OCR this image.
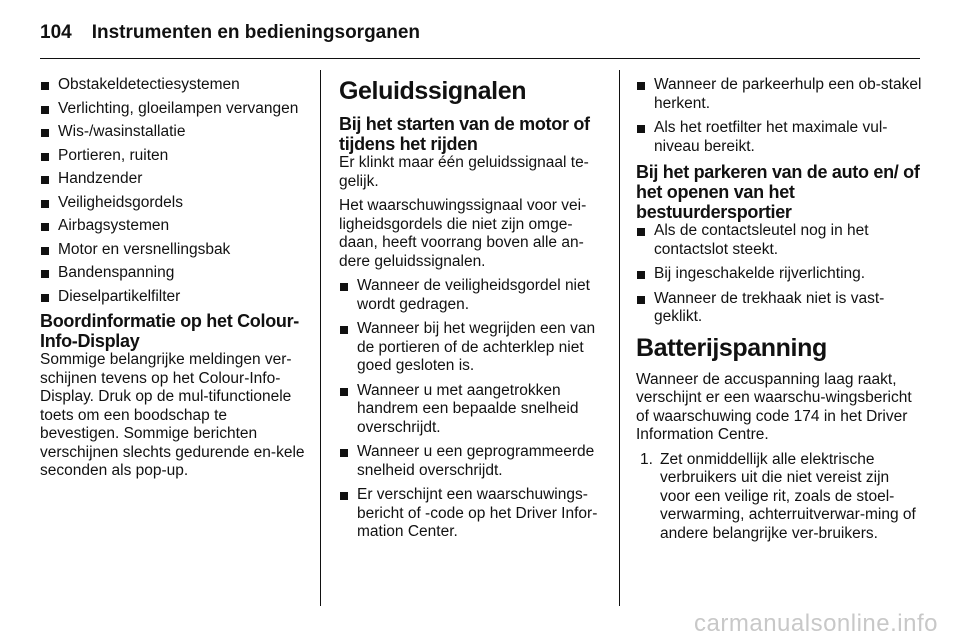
104 Instrumenten en bedieningsorganen
Obstakeldetectiesystemen
Verlichting, gloeilampen vervangen
Wis-/wasinstallatie
Portieren, ruiten
Handzender
Veiligheidsgordels
Airbagsystemen
Motor en versnellingsbak
Bandenspanning
Dieselpartikelfilter
Boordinformatie op het Colour-Info-Display

Sommige belangrijke meldingen ver-schijnen tevens op het Colour-Info-Display. Druk op de mul-tifunctionele toets om een boodschap te bevestigen. Sommige berichten verschijnen slechts gedurende en-kele seconden als pop-up.

Geluidssignalen
Bij het starten van de motor of tijdens het rijden

Er klinkt maar één geluidssignaal te-gelijk.

Het waarschuwingssignaal voor vei-ligheidsgordels die niet zijn omge-daan, heeft voorrang boven alle an-dere geluidssignalen.

Wanneer de veiligheidsgordel niet wordt gedragen.
Wanneer bij het wegrijden een van de portieren of de achterklep niet goed gesloten is.
Wanneer u met aangetrokken handrem een bepaalde snelheid overschrijdt.
Wanneer u een geprogrammeerde snelheid overschrijdt.
Er verschijnt een waarschuwings-bericht of -code op het Driver Infor-mation Center.
Wanneer de parkeerhulp een ob-stakel herkent.
Als het roetfilter het maximale vul-niveau bereikt.
Bij het parkeren van de auto en/ of het openen van het bestuurdersportier
Als de contactsleutel nog in het contactslot steekt.
Bij ingeschakelde rijverlichting.
Wanneer de trekhaak niet is vast-geklikt.
Batterijspanning

Wanneer de accuspanning laag raakt, verschijnt er een waarschu-wingsbericht of waarschuwing code 174 in het Driver Information Centre.

1. Zet onmiddellijk alle elektrische verbruikers uit die niet vereist zijn voor een veilige rit, zoals de stoel-verwarming, achterruitverwar-ming of andere belangrijke ver-bruikers.
carmanualsonline.info
